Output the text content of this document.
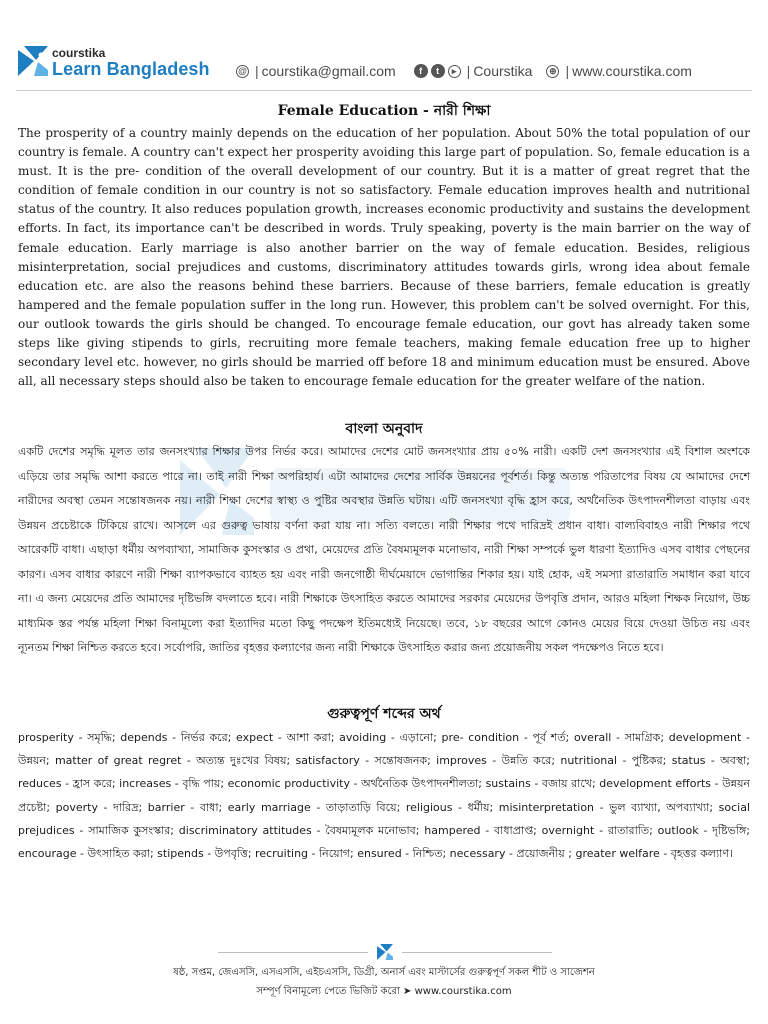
courstika
Learn Bangladesh	@ | courstika@gmail.com	f	t	▸ | Courstika	⊕ | www.courstika.com
Female Education - নারী শিক্ষা
The prosperity of a country mainly depends on the education of her population. About 50% the total population of our country is female. A country can't expect her prosperity avoiding this large part of population. So, female education is a must. It is the pre- condition of the overall development of our country. But it is a matter of great regret that the condition of female condition in our country is not so satisfactory. Female education improves health and nutritional status of the country. It also reduces population growth, increases economic productivity and sustains the development efforts. In fact, its importance can't be described in words. Truly speaking, poverty is the main barrier on the way of female education. Early marriage is also another barrier on the way of female education. Besides, religious misinterpretation, social prejudices and customs, discriminatory attitudes towards girls, wrong idea about female education etc. are also the reasons behind these barriers. Because of these barriers, female education is greatly hampered and the female population suffer in the long run. However, this problem can't be solved overnight. For this, our outlook towards the girls should be changed. To encourage female education, our govt has already taken some steps like giving stipends to girls, recruiting more female teachers, making female education free up to higher secondary level etc. however, no girls should be married off before 18 and minimum education must be ensured. Above all, all necessary steps should also be taken to encourage female education for the greater welfare of the nation.
বাংলা অনুবাদ
একটি দেশের সমৃদ্ধি মূলত তার জনসংখ্যার শিক্ষার উপর নির্ভর করে। আমাদের দেশের মোট জনসংখ্যার প্রায় ৫০% নারী। একটি দেশ জনসংখ্যার এই বিশাল অংশকে এড়িয়ে তার সমৃদ্ধি আশা করতে পারে না। তাই নারী শিক্ষা অপরিহার্য। এটা আমাদের দেশের সার্বিক উন্নয়নের পূর্বশর্ত। কিন্তু অত্যন্ত পরিতাপের বিষয় যে আমাদের দেশে নারীদের অবস্থা তেমন সন্তোষজনক নয়। নারী শিক্ষা দেশের স্বাস্থ্য ও পুষ্টির অবস্থার উন্নতি ঘটায়। এটি জনসংখ্যা বৃদ্ধি হ্রাস করে, অর্থনৈতিক উৎপাদনশীলতা বাড়ায় এবং উন্নয়ন প্রচেষ্টাকে টিকিয়ে রাখে। আসলে এর গুরুত্ব ভাষায় বর্ণনা করা যায় না। সত্যি বলতে। নারী শিক্ষার পথে দারিদ্রই প্রধান বাধা। বাল্যবিবাহও নারী শিক্ষার পথে আরেকটি বাধা। এছাড়া ধর্মীয় অপব্যাখ্যা, সামাজিক কুসংস্কার ও প্রথা, মেয়েদের প্রতি বৈষম্যমূলক মনোভাব, নারী শিক্ষা সম্পর্কে ভুল ধারণা ইত্যাদিও এসব বাধার পেছনের কারণ। এসব বাধার কারণে নারী শিক্ষা ব্যাপকভাবে ব্যাহত হয় এবং নারী জনগোষ্ঠী দীর্ঘমেয়াদে ভোগান্তির শিকার হয়। যাই হোক, এই সমস্যা রাতারাতি সমাধান করা যাবে না। এ জন্য মেয়েদের প্রতি আমাদের দৃষ্টিভঙ্গি বদলাতে হবে। নারী শিক্ষাকে উৎসাহিত করতে আমাদের সরকার মেয়েদের উপবৃত্তি প্রদান, আরও মহিলা শিক্ষক নিয়োগ, উচ্চ মাধ্যমিক স্তর পর্যন্ত মহিলা শিক্ষা বিনামূল্যে করা ইত্যাদির মতো কিছু পদক্ষেপ ইতিমধ্যেই নিয়েছে। তবে, ১৮ বছরের আগে কোনও মেয়ের বিয়ে দেওয়া উচিত নয় এবং ন্যূনতম শিক্ষা নিশ্চিত করতে হবে। সর্বোপরি, জাতির বৃহত্তর কল্যাণের জন্য নারী শিক্ষাকে উৎসাহিত করার জন্য প্রয়োজনীয় সকল পদক্ষেপও নিতে হবে।
গুরুত্বপূর্ণ শব্দের অর্থ
prosperity - সমৃদ্ধি; depends - নির্ভর করে; expect - আশা করা; avoiding - এড়ানো; pre- condition - পূর্ব শর্ত; overall - সামগ্রিক; development - উন্নয়ন; matter of great regret - অত্যন্ত দুঃখের বিষয়; satisfactory - সন্তোষজনক; improves - উন্নতি করে; nutritional - পুষ্টিকর; status - অবস্থা; reduces - হ্রাস করে; increases - বৃদ্ধি পায়; economic productivity - অর্থনৈতিক উৎপাদনশীলতা; sustains - বজায় রাখে; development efforts - উন্নয়ন প্রচেষ্টা; poverty - দারিদ্র; barrier - বাধা; early marriage - তাড়াতাড়ি বিয়ে; religious - ধর্মীয়; misinterpretation - ভুল ব্যাখ্যা, অপব্যাখ্যা; social prejudices - সামাজিক কুসংস্কার; discriminatory attitudes - বৈষম্যমূলক মনোভাব; hampered - বাধাপ্রাপ্ত; overnight - রাতারাতি; outlook - দৃষ্টিভঙ্গি; encourage - উৎসাহিত করা; stipends - উপবৃত্তি; recruiting - নিয়োগ; ensured - নিশ্চিত; necessary - প্রয়োজনীয় ; greater welfare - বৃহত্তর কল্যাণ।
ষষ্ঠ, সপ্তম, জেএসসি, এসএসসি, এইচএসসি, ডিগ্রী, অনার্স এবং মাস্টার্সের গুরুত্বপূর্ণ সকল শীট ও সাজেশন
সম্পূর্ণ বিনামূল্যে পেতে ভিজিট করো ➤ www.courstika.com
